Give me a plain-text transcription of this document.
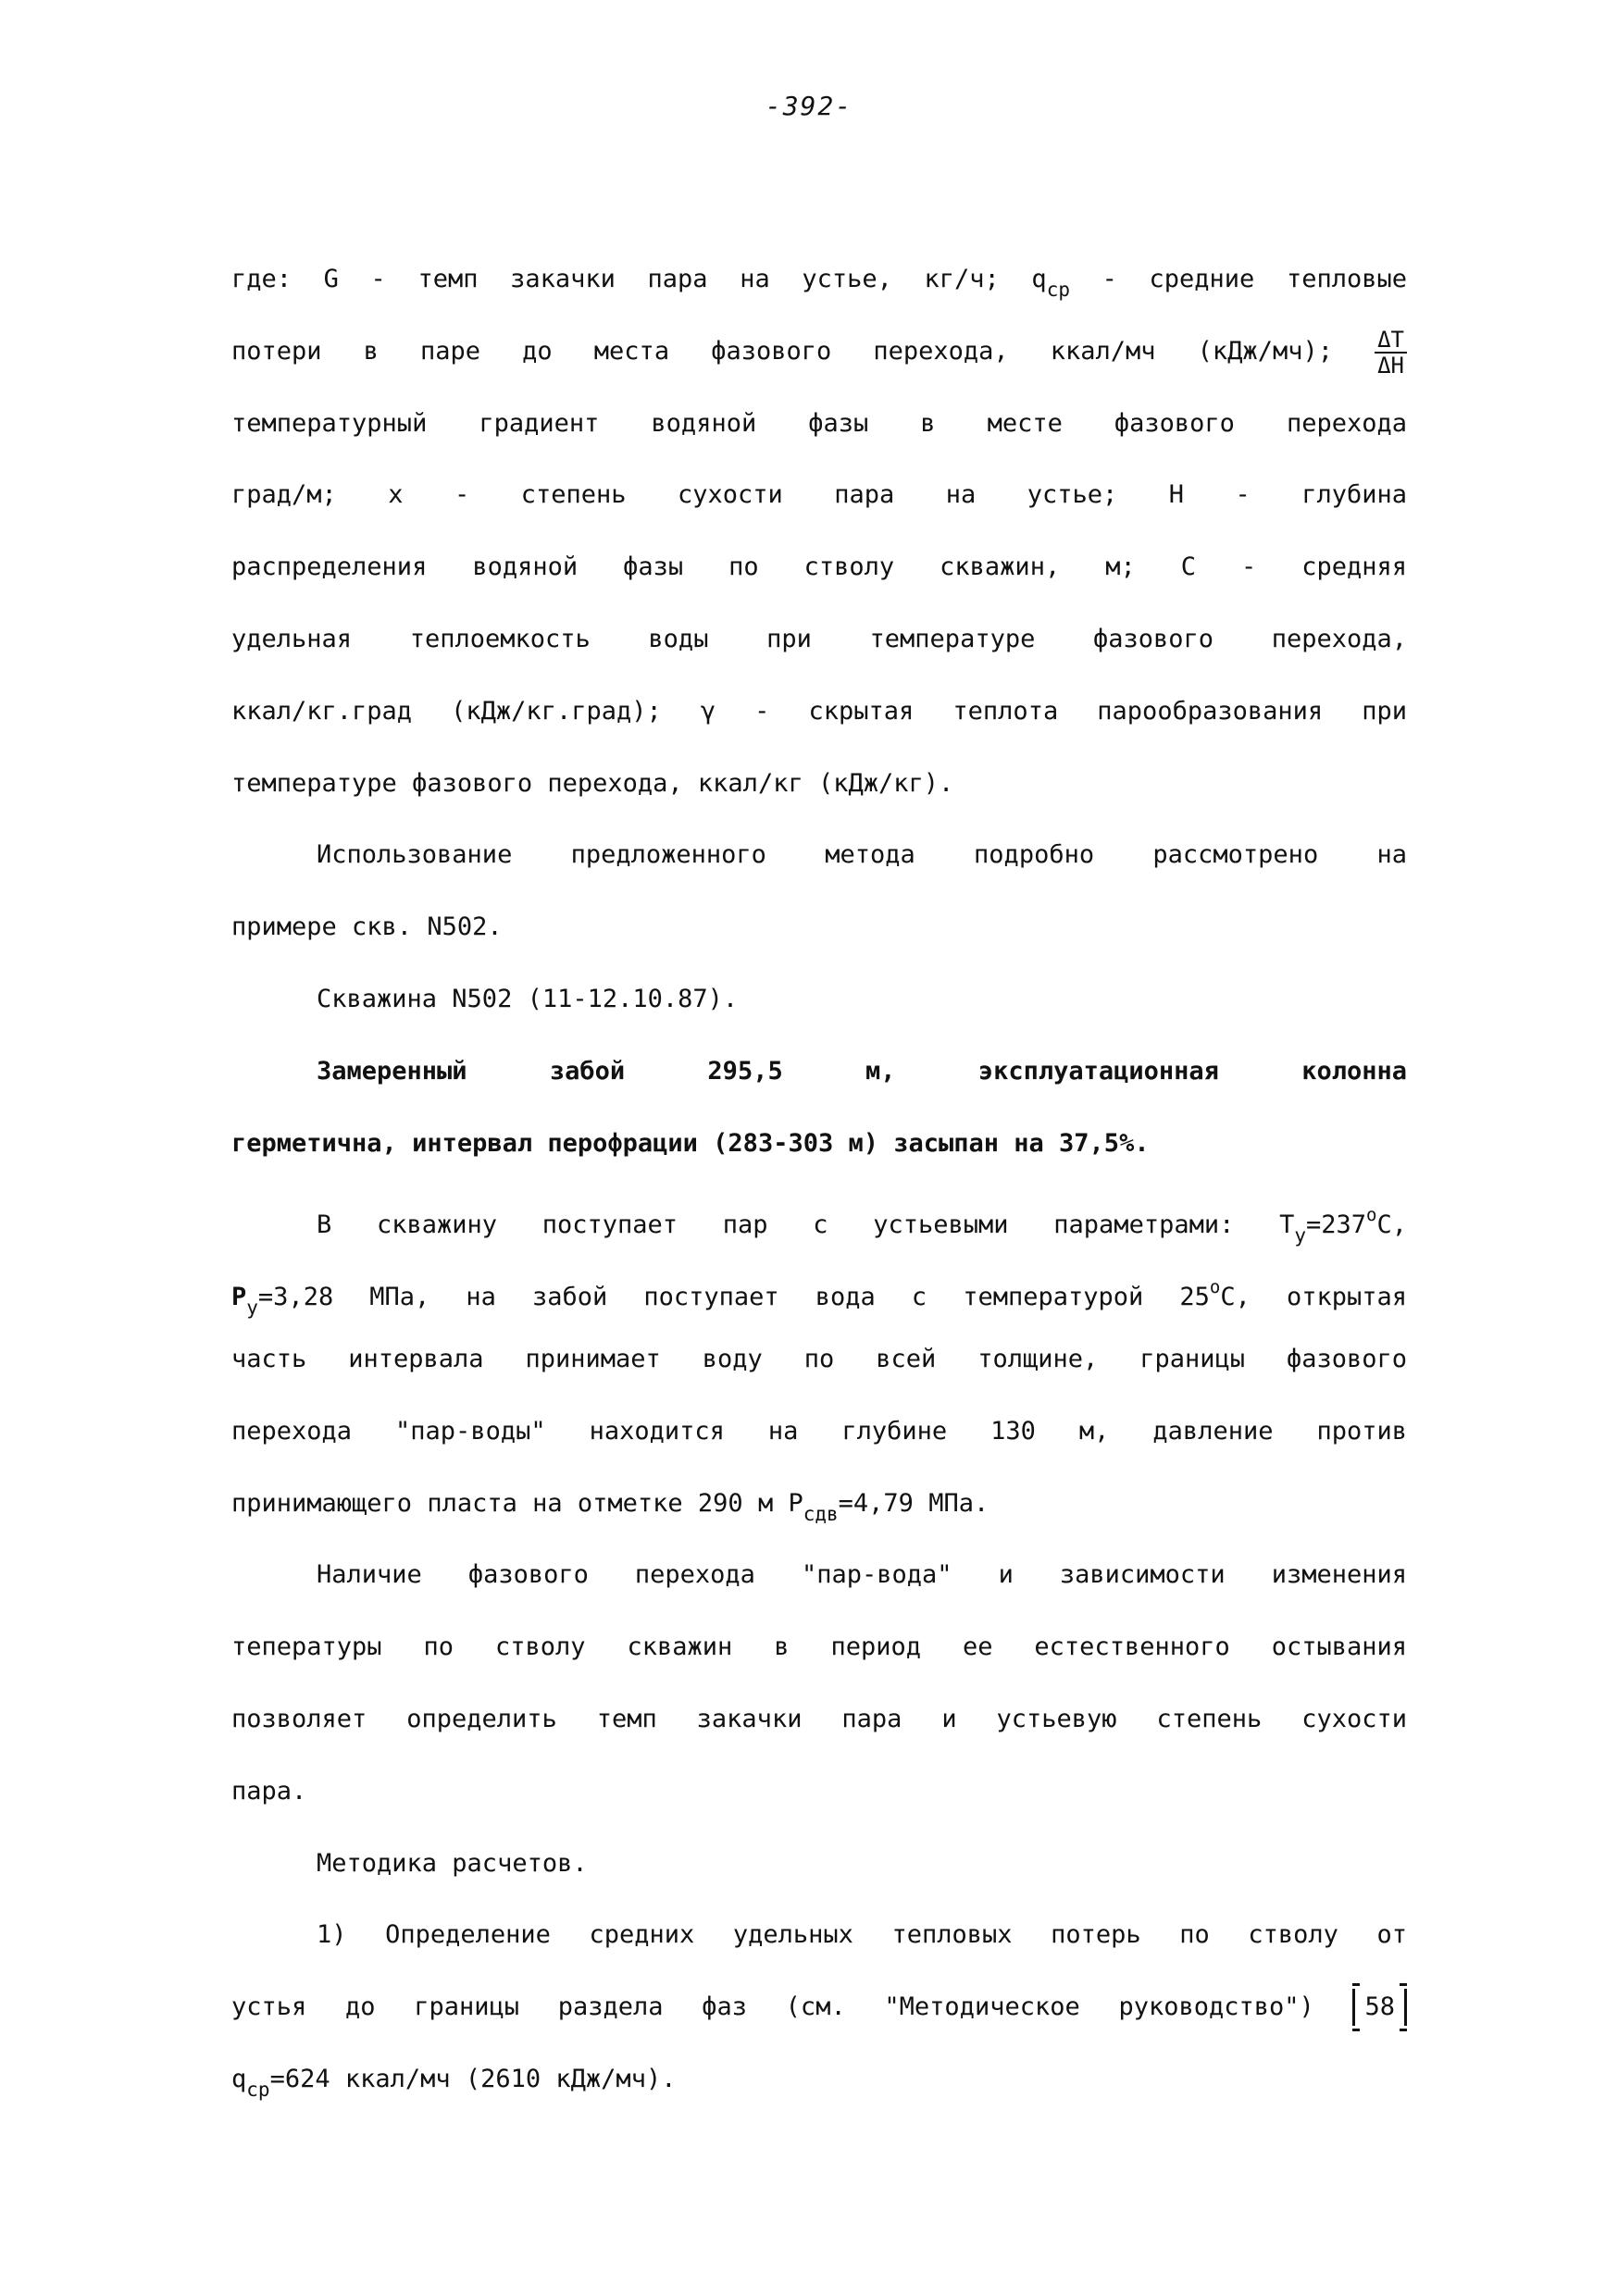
-392-
где: G - темп закачки пара на устье, кг/ч; $q_{ср}$ - средние тепловые
потери в паре до места фазового перехода, ккал/мч (кДж/мч); $\frac{\Delta T}{\Delta H}$
температурный градиент водяной фазы в месте фазового перехода
град/м; x - степень сухости пара на устье; H - глубина
распределения водяной фазы по стволу скважин, м; C - средняя
удельная теплоемкость воды при температуре фазового перехода,
ккал/кг.град (кДж/кг.град); γ - скрытая теплота парообразования при
температуре фазового перехода, ккал/кг (кДж/кг).
Использование предложенного метода подробно рассмотрено на
примере скв. N502.
Скважина N502 (11-12.10.87).
Замеренный забой 295,5 м, эксплуатационная колонна
герметична, интервал перофрации (283-303 м) засыпан на 37,5%.
В скважину поступает пар с устьевыми параметрами: $T_у=237^оС$,
$P_у=3,28$ МПа, на забой поступает вода с температурой $25^оС$, открытая
часть интервала принимает воду по всей толщине, границы фазового
перехода "пар-воды" находится на глубине 130 м, давление против
принимающего пласта на отметке 290 м $P_{сдв}=4,79$ МПа.
Наличие фазового перехода "пар-вода" и зависимости изменения
тепературы по стволу скважин в период ее естественного остывания
позволяет определить темп закачки пара и устьевую степень сухости
пара.
Методика расчетов.
1) Определение средних удельных тепловых потерь по стволу от
устья до границы раздела фаз (см. "Методическое руководство")
58
$q_{ср}=624$ ккал/мч (2610 кДж/мч).
